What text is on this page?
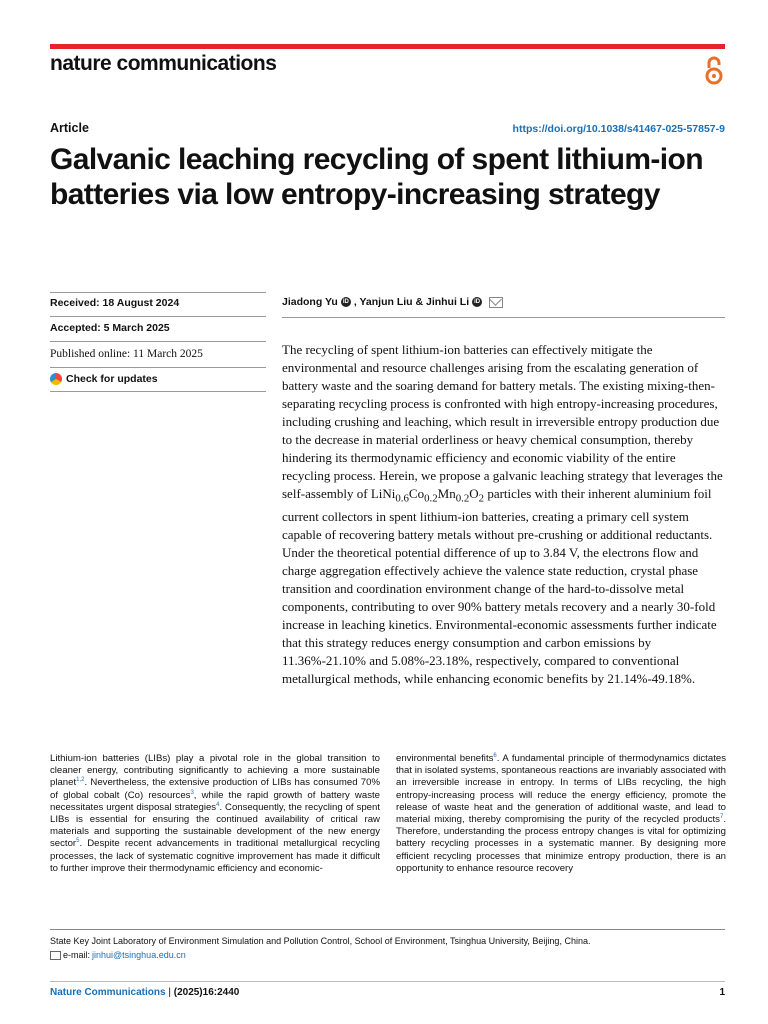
nature communications
Article	https://doi.org/10.1038/s41467-025-57857-9
Galvanic leaching recycling of spent lithium-ion batteries via low entropy-increasing strategy
Received: 18 August 2024
Accepted: 5 March 2025
Published online: 11 March 2025
Check for updates
Jiadong Yu iD , Yanjun Liu & Jinhui Li iD

The recycling of spent lithium-ion batteries can effectively mitigate the environmental and resource challenges arising from the escalating generation of battery waste and the soaring demand for battery metals. The existing mixing-then-separating recycling process is confronted with high entropy-increasing procedures, including crushing and leaching, which result in irreversible entropy production due to the decrease in material orderliness or heavy chemical consumption, thereby hindering its thermodynamic efficiency and economic viability of the entire recycling process. Herein, we propose a galvanic leaching strategy that leverages the self-assembly of $LiNi_{0.6}Co_{0.2}Mn_{0.2}O_2$ particles with their inherent aluminium foil current collectors in spent lithium-ion batteries, creating a primary cell system capable of recovering battery metals without pre-crushing or additional reductants. Under the theoretical potential difference of up to 3.84 V, the electrons flow and charge aggregation effectively achieve the valence state reduction, crystal phase transition and coordination environment change of the hard-to-dissolve metal components, contributing to over 90% battery metals recovery and a nearly 30-fold increase in leaching kinetics. Environmental-economic assessments further indicate that this strategy reduces energy consumption and carbon emissions by 11.36%-21.10% and 5.08%-23.18%, respectively, compared to conventional metallurgical methods, while enhancing economic benefits by 21.14%-49.18%.

Lithium-ion batteries (LIBs) play a pivotal role in the global transition to cleaner energy, contributing significantly to achieving a more sustainable planet$^{1,2}$. Nevertheless, the extensive production of LIBs has consumed 70% of global cobalt (Co) resources$^3$, while the rapid growth of battery waste necessitates urgent disposal strategies$^4$. Consequently, the recycling of spent LIBs is essential for ensuring the continued availability of critical raw materials and supporting the sustainable development of the new energy sector$^5$. Despite recent advancements in traditional metallurgical recycling processes, the lack of systematic cognitive improvement has made it difficult to further improve their thermodynamic efficiency and economic-

environmental benefits$^6$. A fundamental principle of thermodynamics dictates that in isolated systems, spontaneous reactions are invariably associated with an irreversible increase in entropy. In terms of LIBs recycling, the high entropy-increasing process will reduce the energy efficiency, promote the release of waste heat and the generation of additional waste, and lead to material mixing, thereby compromising the purity of the recycled products$^7$. Therefore, understanding the process entropy changes is vital for optimizing battery recycling processes in a systematic manner. By designing more efficient recycling processes that minimize entropy production, there is an opportunity to enhance resource recovery

State Key Joint Laboratory of Environment Simulation and Pollution Control, School of Environment, Tsinghua University, Beijing, China.
e-mail: jinhui@tsinghua.edu.cn
Nature Communications | (2025)16:2440	1
